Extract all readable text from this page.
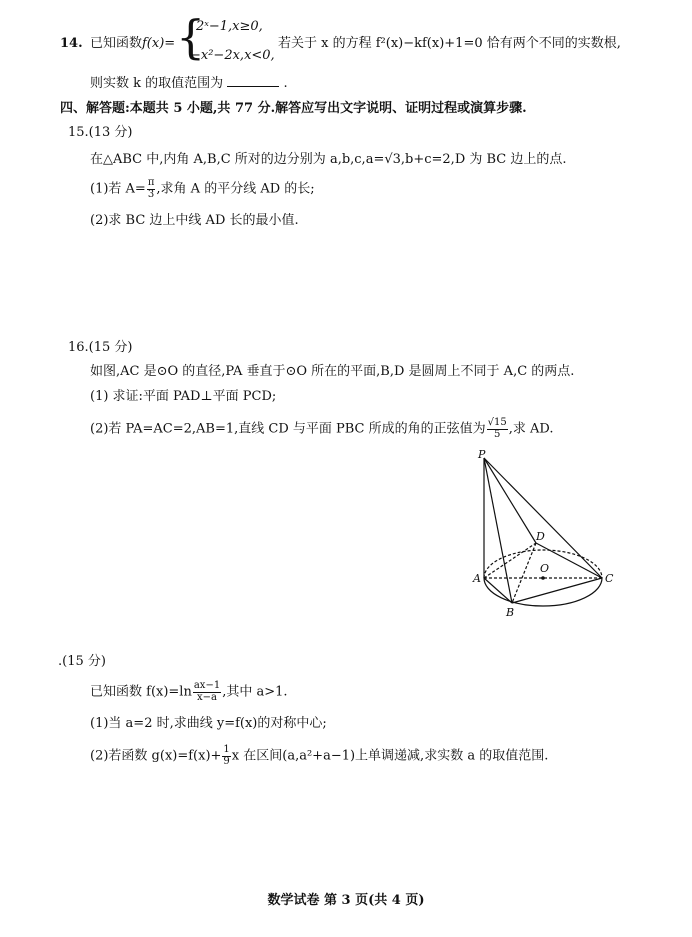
14. 已知函数 f(x)= {
2ˣ−1,x≥0,
−x²−2x,x<0,
若关于 x 的方程 f²(x)−kf(x)+1=0 恰有两个不同的实数根,
则实数 k 的取值范围为	.
四、解答题:本题共 5 小题,共 77 分.解答应写出文字说明、证明过程或演算步骤.
15.(13 分)
在△ABC 中,内角 A,B,C 所对的边分别为 a,b,c,a=√3,b+c=2,D 为 BC 边上的点.
(1)若 $A= \frac{\pi}{3}$ ,求角 A 的平分线 AD 的长;
(2)求 BC 边上中线 AD 长的最小值.
16.(15 分)
如图,AC 是⊙O 的直径,PA 垂直于⊙O 所在的平面,B,D 是圆周上不同于 A,C 的两点.
(1) 求证:平面 PAD⊥平面 PCD;
(2)若 PA=AC=2,AB=1,直线 CD 与平面 PBC 所成的角的正弦值为 $\frac{√15}{5}$ ,求 AD.
P
D
O
A
B
C
.(15 分)
已知函数 $f(x)=\ln \frac{ax-1}{x-a}$ ,其中 a>1.
(1)当 a=2 时,求曲线 y=f(x)的对称中心;
(2)若函数 $g(x)=f(x)+ \frac{1}{9}$ x 在区间(a,a²+a−1)上单调递减,求实数 a 的取值范围.
数学试卷 第 3 页(共 4 页)
